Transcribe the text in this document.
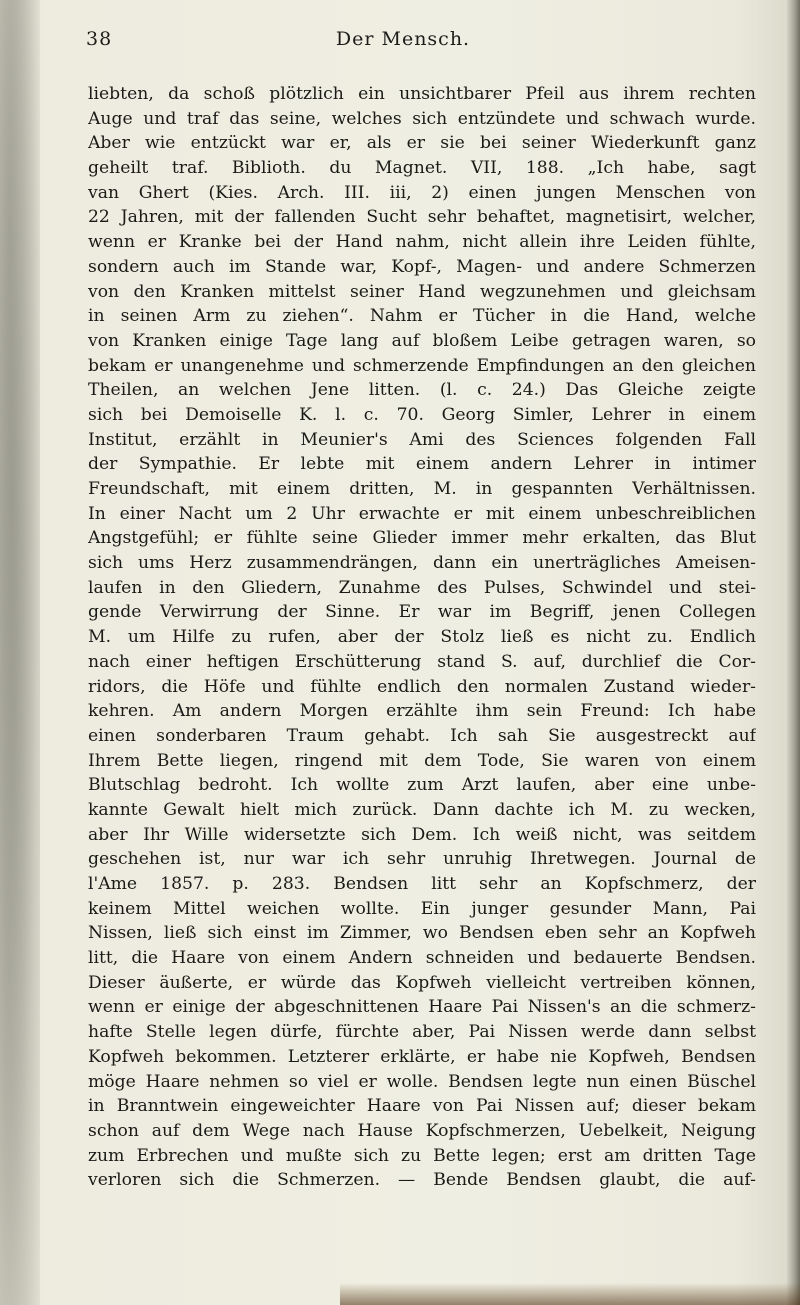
38	Der Mensch.
liebten, da schoß plötzlich ein unsichtbarer Pfeil aus ihrem rechten
Auge und traf das seine, welches sich entzündete und schwach wurde.
Aber wie entzückt war er, als er sie bei seiner Wiederkunft ganz
geheilt traf. Biblioth. du Magnet. VII, 188. „Ich habe, sagt
van Ghert (Kies. Arch. III. iii, 2) einen jungen Menschen von
22 Jahren, mit der fallenden Sucht sehr behaftet, magnetisirt, welcher,
wenn er Kranke bei der Hand nahm, nicht allein ihre Leiden fühlte,
sondern auch im Stande war, Kopf-, Magen- und andere Schmerzen
von den Kranken mittelst seiner Hand wegzunehmen und gleichsam
in seinen Arm zu ziehen“. Nahm er Tücher in die Hand, welche
von Kranken einige Tage lang auf bloßem Leibe getragen waren, so
bekam er unangenehme und schmerzende Empfindungen an den gleichen
Theilen, an welchen Jene litten. (l. c. 24.) Das Gleiche zeigte
sich bei Demoiselle K. l. c. 70. Georg Simler, Lehrer in einem
Institut, erzählt in Meunier's Ami des Sciences folgenden Fall
der Sympathie. Er lebte mit einem andern Lehrer in intimer
Freundschaft, mit einem dritten, M. in gespannten Verhältnissen.
In einer Nacht um 2 Uhr erwachte er mit einem unbeschreiblichen
Angstgefühl; er fühlte seine Glieder immer mehr erkalten, das Blut
sich ums Herz zusammendrängen, dann ein unerträgliches Ameisen-
laufen in den Gliedern, Zunahme des Pulses, Schwindel und stei-
gende Verwirrung der Sinne. Er war im Begriff, jenen Collegen
M. um Hilfe zu rufen, aber der Stolz ließ es nicht zu. Endlich
nach einer heftigen Erschütterung stand S. auf, durchlief die Cor-
ridors, die Höfe und fühlte endlich den normalen Zustand wieder-
kehren. Am andern Morgen erzählte ihm sein Freund: Ich habe
einen sonderbaren Traum gehabt. Ich sah Sie ausgestreckt auf
Ihrem Bette liegen, ringend mit dem Tode, Sie waren von einem
Blutschlag bedroht. Ich wollte zum Arzt laufen, aber eine unbe-
kannte Gewalt hielt mich zurück. Dann dachte ich M. zu wecken,
aber Ihr Wille widersetzte sich Dem. Ich weiß nicht, was seitdem
geschehen ist, nur war ich sehr unruhig Ihretwegen. Journal de
l'Ame 1857. p. 283. Bendsen litt sehr an Kopfschmerz, der
keinem Mittel weichen wollte. Ein junger gesunder Mann, Pai
Nissen, ließ sich einst im Zimmer, wo Bendsen eben sehr an Kopfweh
litt, die Haare von einem Andern schneiden und bedauerte Bendsen.
Dieser äußerte, er würde das Kopfweh vielleicht vertreiben können,
wenn er einige der abgeschnittenen Haare Pai Nissen's an die schmerz-
hafte Stelle legen dürfe, fürchte aber, Pai Nissen werde dann selbst
Kopfweh bekommen. Letzterer erklärte, er habe nie Kopfweh, Bendsen
möge Haare nehmen so viel er wolle. Bendsen legte nun einen Büschel
in Branntwein eingeweichter Haare von Pai Nissen auf; dieser bekam
schon auf dem Wege nach Hause Kopfschmerzen, Uebelkeit, Neigung
zum Erbrechen und mußte sich zu Bette legen; erst am dritten Tage
verloren sich die Schmerzen. — Bende Bendsen glaubt, die auf-
